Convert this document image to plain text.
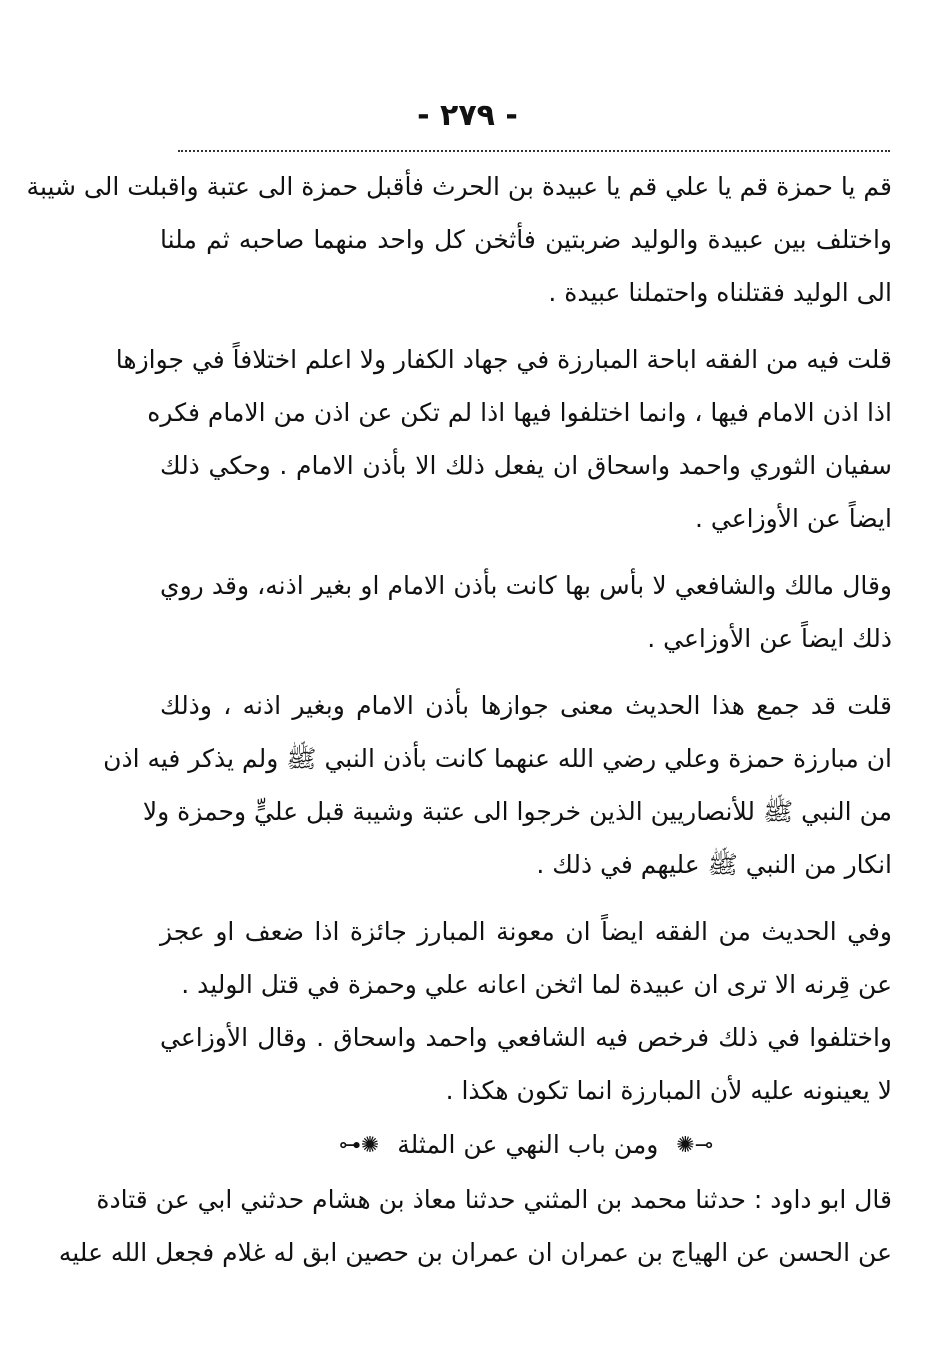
- ٢٧٩ -
قم يا حمزة قم يا علي قم يا عبيدة بن الحرث فأقبل حمزة الى عتبة واقبلت الى شيبة
واختلف بين عبيدة والوليد ضربتين فأثخن كل واحد منهما صاحبه ثم ملنا
الى الوليد فقتلناه واحتملنا عبيدة .
قلت فيه من الفقه اباحة المبارزة في جهاد الكفار ولا اعلم اختلافاً في جوازها
اذا اذن الامام فيها ، وانما اختلفوا فيها اذا لم تكن عن اذن من الامام فكره
سفيان الثوري واحمد واسحاق ان يفعل ذلك الا بأذن الامام . وحكي ذلك
ايضاً عن الأوزاعي .
وقال مالك والشافعي لا بأس بها كانت بأذن الامام او بغير اذنه، وقد روي
ذلك ايضاً عن الأوزاعي .
قلت قد جمع هذا الحديث معنى جوازها بأذن الامام وبغير اذنه ، وذلك
ان مبارزة حمزة وعلي رضي الله عنهما كانت بأذن النبي ﷺ ولم يذكر فيه اذن
من النبي ﷺ للأنصاريين الذين خرجوا الى عتبة وشيبة قبل عليٍّ وحمزة ولا
انكار من النبي ﷺ عليهم في ذلك .
وفي الحديث من الفقه ايضاً ان معونة المبارز جائزة اذا ضعف او عجز
عن قِرنه الا ترى ان عبيدة لما اثخن اعانه علي وحمزة في قتل الوليد .
واختلفوا في ذلك فرخص فيه الشافعي واحمد واسحاق . وقال الأوزاعي
لا يعينونه عليه لأن المبارزة انما تكون هكذا .
⊸✺ ومن باب النهي عن المثلة ✺⊷
قال ابو داود : حدثنا محمد بن المثني حدثنا معاذ بن هشام حدثني ابي عن قتادة
عن الحسن عن الهياج بن عمران ان عمران بن حصين ابق له غلام فجعل الله عليه
